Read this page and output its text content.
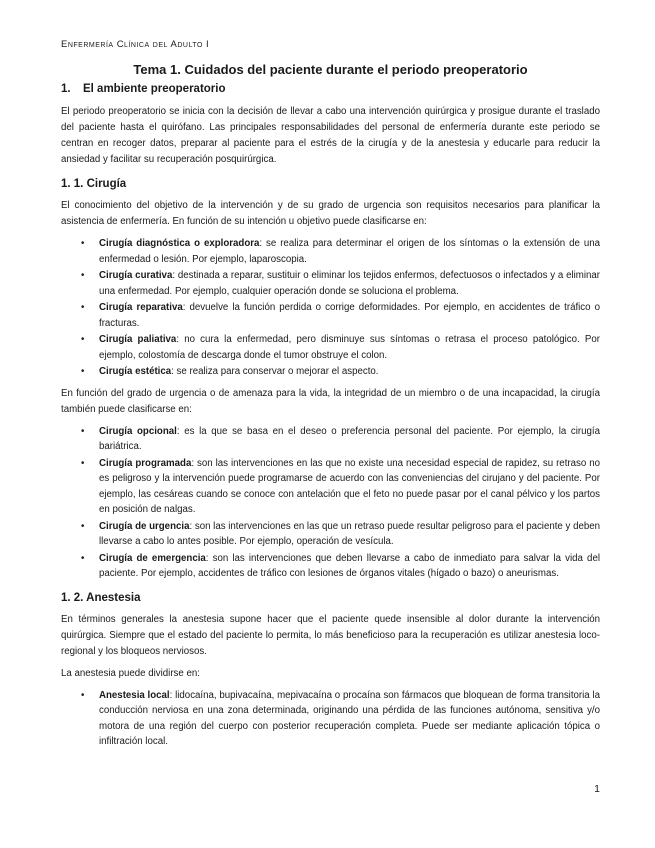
Enfermería Clínica del Adulto I
Tema 1. Cuidados del paciente durante el periodo preoperatorio
1. El ambiente preoperatorio

El periodo preoperatorio se inicia con la decisión de llevar a cabo una intervención quirúrgica y prosigue durante el traslado del paciente hasta el quirófano. Las principales responsabilidades del personal de enfermería durante este periodo se centran en recoger datos, preparar al paciente para el estrés de la cirugía y de la anestesia y educarle para reducir la ansiedad y facilitar su recuperación posquirúrgica.

1. 1. Cirugía

El conocimiento del objetivo de la intervención y de su grado de urgencia son requisitos necesarios para planificar la asistencia de enfermería. En función de su intención u objetivo puede clasificarse en:

• Cirugía diagnóstica o exploradora: se realiza para determinar el origen de los síntomas o la extensión de una enfermedad o lesión. Por ejemplo, laparoscopia.
• Cirugía curativa: destinada a reparar, sustituir o eliminar los tejidos enfermos, defectuosos o infectados y a eliminar una enfermedad. Por ejemplo, cualquier operación donde se soluciona el problema.
• Cirugía reparativa: devuelve la función perdida o corrige deformidades. Por ejemplo, en accidentes de tráfico o fracturas.
• Cirugía paliativa: no cura la enfermedad, pero disminuye sus síntomas o retrasa el proceso patológico. Por ejemplo, colostomía de descarga donde el tumor obstruye el colon.
• Cirugía estética: se realiza para conservar o mejorar el aspecto.

En función del grado de urgencia o de amenaza para la vida, la integridad de un miembro o de una incapacidad, la cirugía también puede clasificarse en:

• Cirugía opcional: es la que se basa en el deseo o preferencia personal del paciente. Por ejemplo, la cirugía bariátrica.
• Cirugía programada: son las intervenciones en las que no existe una necesidad especial de rapidez, su retraso no es peligroso y la intervención puede programarse de acuerdo con las conveniencias del cirujano y del paciente. Por ejemplo, las cesáreas cuando se conoce con antelación que el feto no puede pasar por el canal pélvico y los partos en posición de nalgas.
• Cirugía de urgencia: son las intervenciones en las que un retraso puede resultar peligroso para el paciente y deben llevarse a cabo lo antes posible. Por ejemplo, operación de vesícula.
• Cirugía de emergencia: son las intervenciones que deben llevarse a cabo de inmediato para salvar la vida del paciente. Por ejemplo, accidentes de tráfico con lesiones de órganos vitales (hígado o bazo) o aneurismas.
1. 2. Anestesia

En términos generales la anestesia supone hacer que el paciente quede insensible al dolor durante la intervención quirúrgica. Siempre que el estado del paciente lo permita, lo más beneficioso para la recuperación es utilizar anestesia loco-regional y los bloqueos nerviosos.

La anestesia puede dividirse en:

• Anestesia local: lidocaína, bupivacaína, mepivacaína o procaína son fármacos que bloquean de forma transitoria la conducción nerviosa en una zona determinada, originando una pérdida de las funciones autónoma, sensitiva y/o motora de una región del cuerpo con posterior recuperación completa. Puede ser mediante aplicación tópica o infiltración local.
1
